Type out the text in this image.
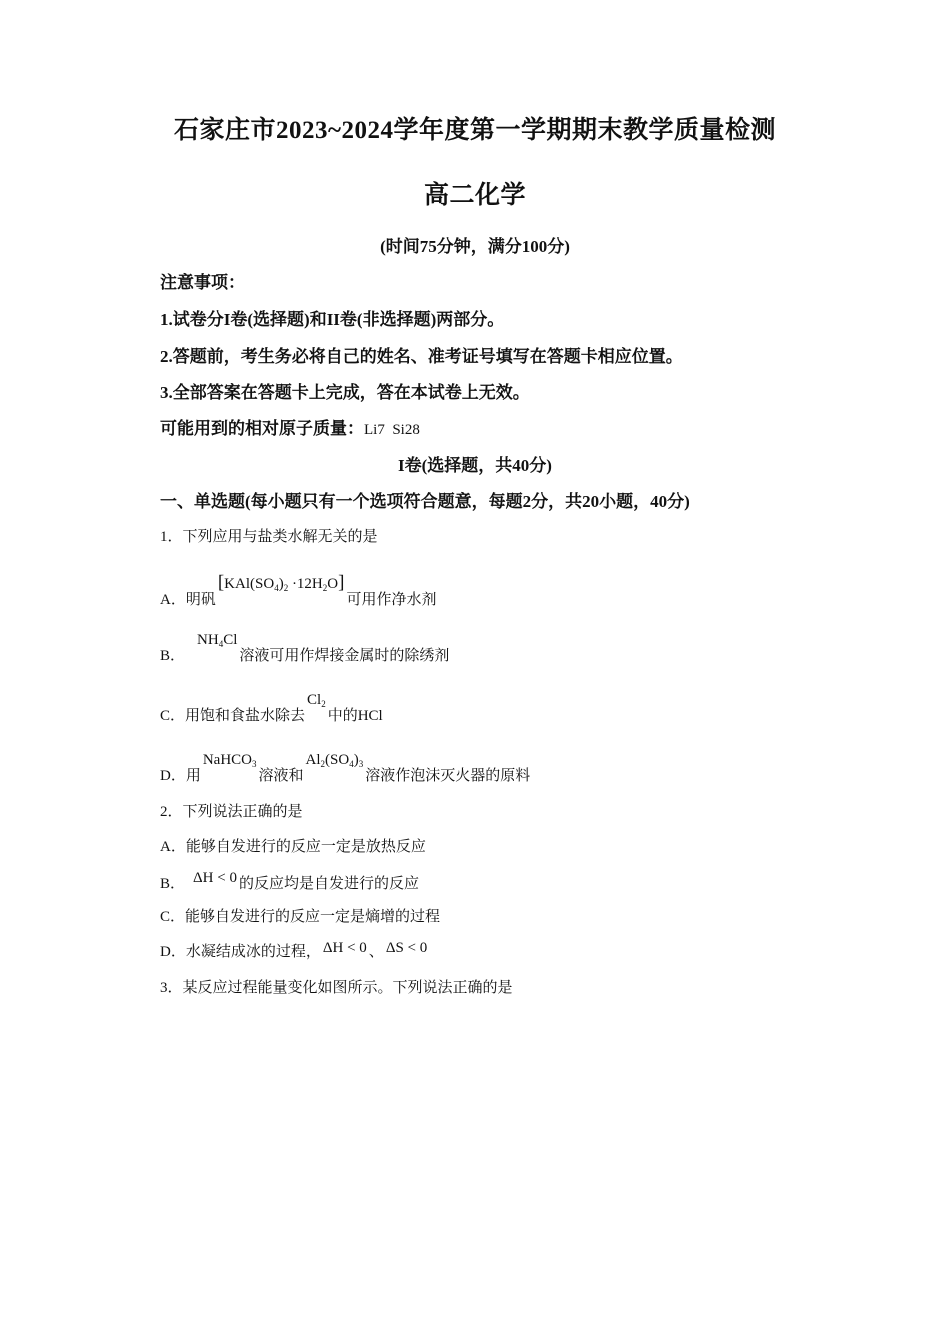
石家庄市2023~2024学年度第一学期期末教学质量检测
高二化学
(时间75分钟，满分100分)
注意事项：
1.试卷分I卷(选择题)和II卷(非选择题)两部分。
2.答题前，考生务必将自己的姓名、准考证号填写在答题卡相应位置。
3.全部答案在答题卡上完成，答在本试卷上无效。
可能用到的相对原子质量：Li7  Si28
I卷(选择题，共40分)
一、单选题(每小题只有一个选项符合题意，每题2分，共20小题，40分)
1．下列应用与盐类水解无关的是
A．明矾$[KAl(SO_4)_2 \cdot 12H_2O]$可用作净水剂
B．$NH_4Cl$溶液可用作焊接金属时的除绣剂
C．用饱和食盐水除去$Cl_2$中的HCl
D．用NaHCO$_3$溶液和$Al_2(SO_4)_3$溶液作泡沫灭火器的原料
2．下列说法正确的是
A．能够自发进行的反应一定是放热反应
B． ΔH < 0 的反应均是自发进行的反应
C．能够自发进行的反应一定是熵增的过程
D．水凝结成冰的过程， ΔH < 0 、 ΔS < 0
3．某反应过程能量变化如图所示。下列说法正确的是
